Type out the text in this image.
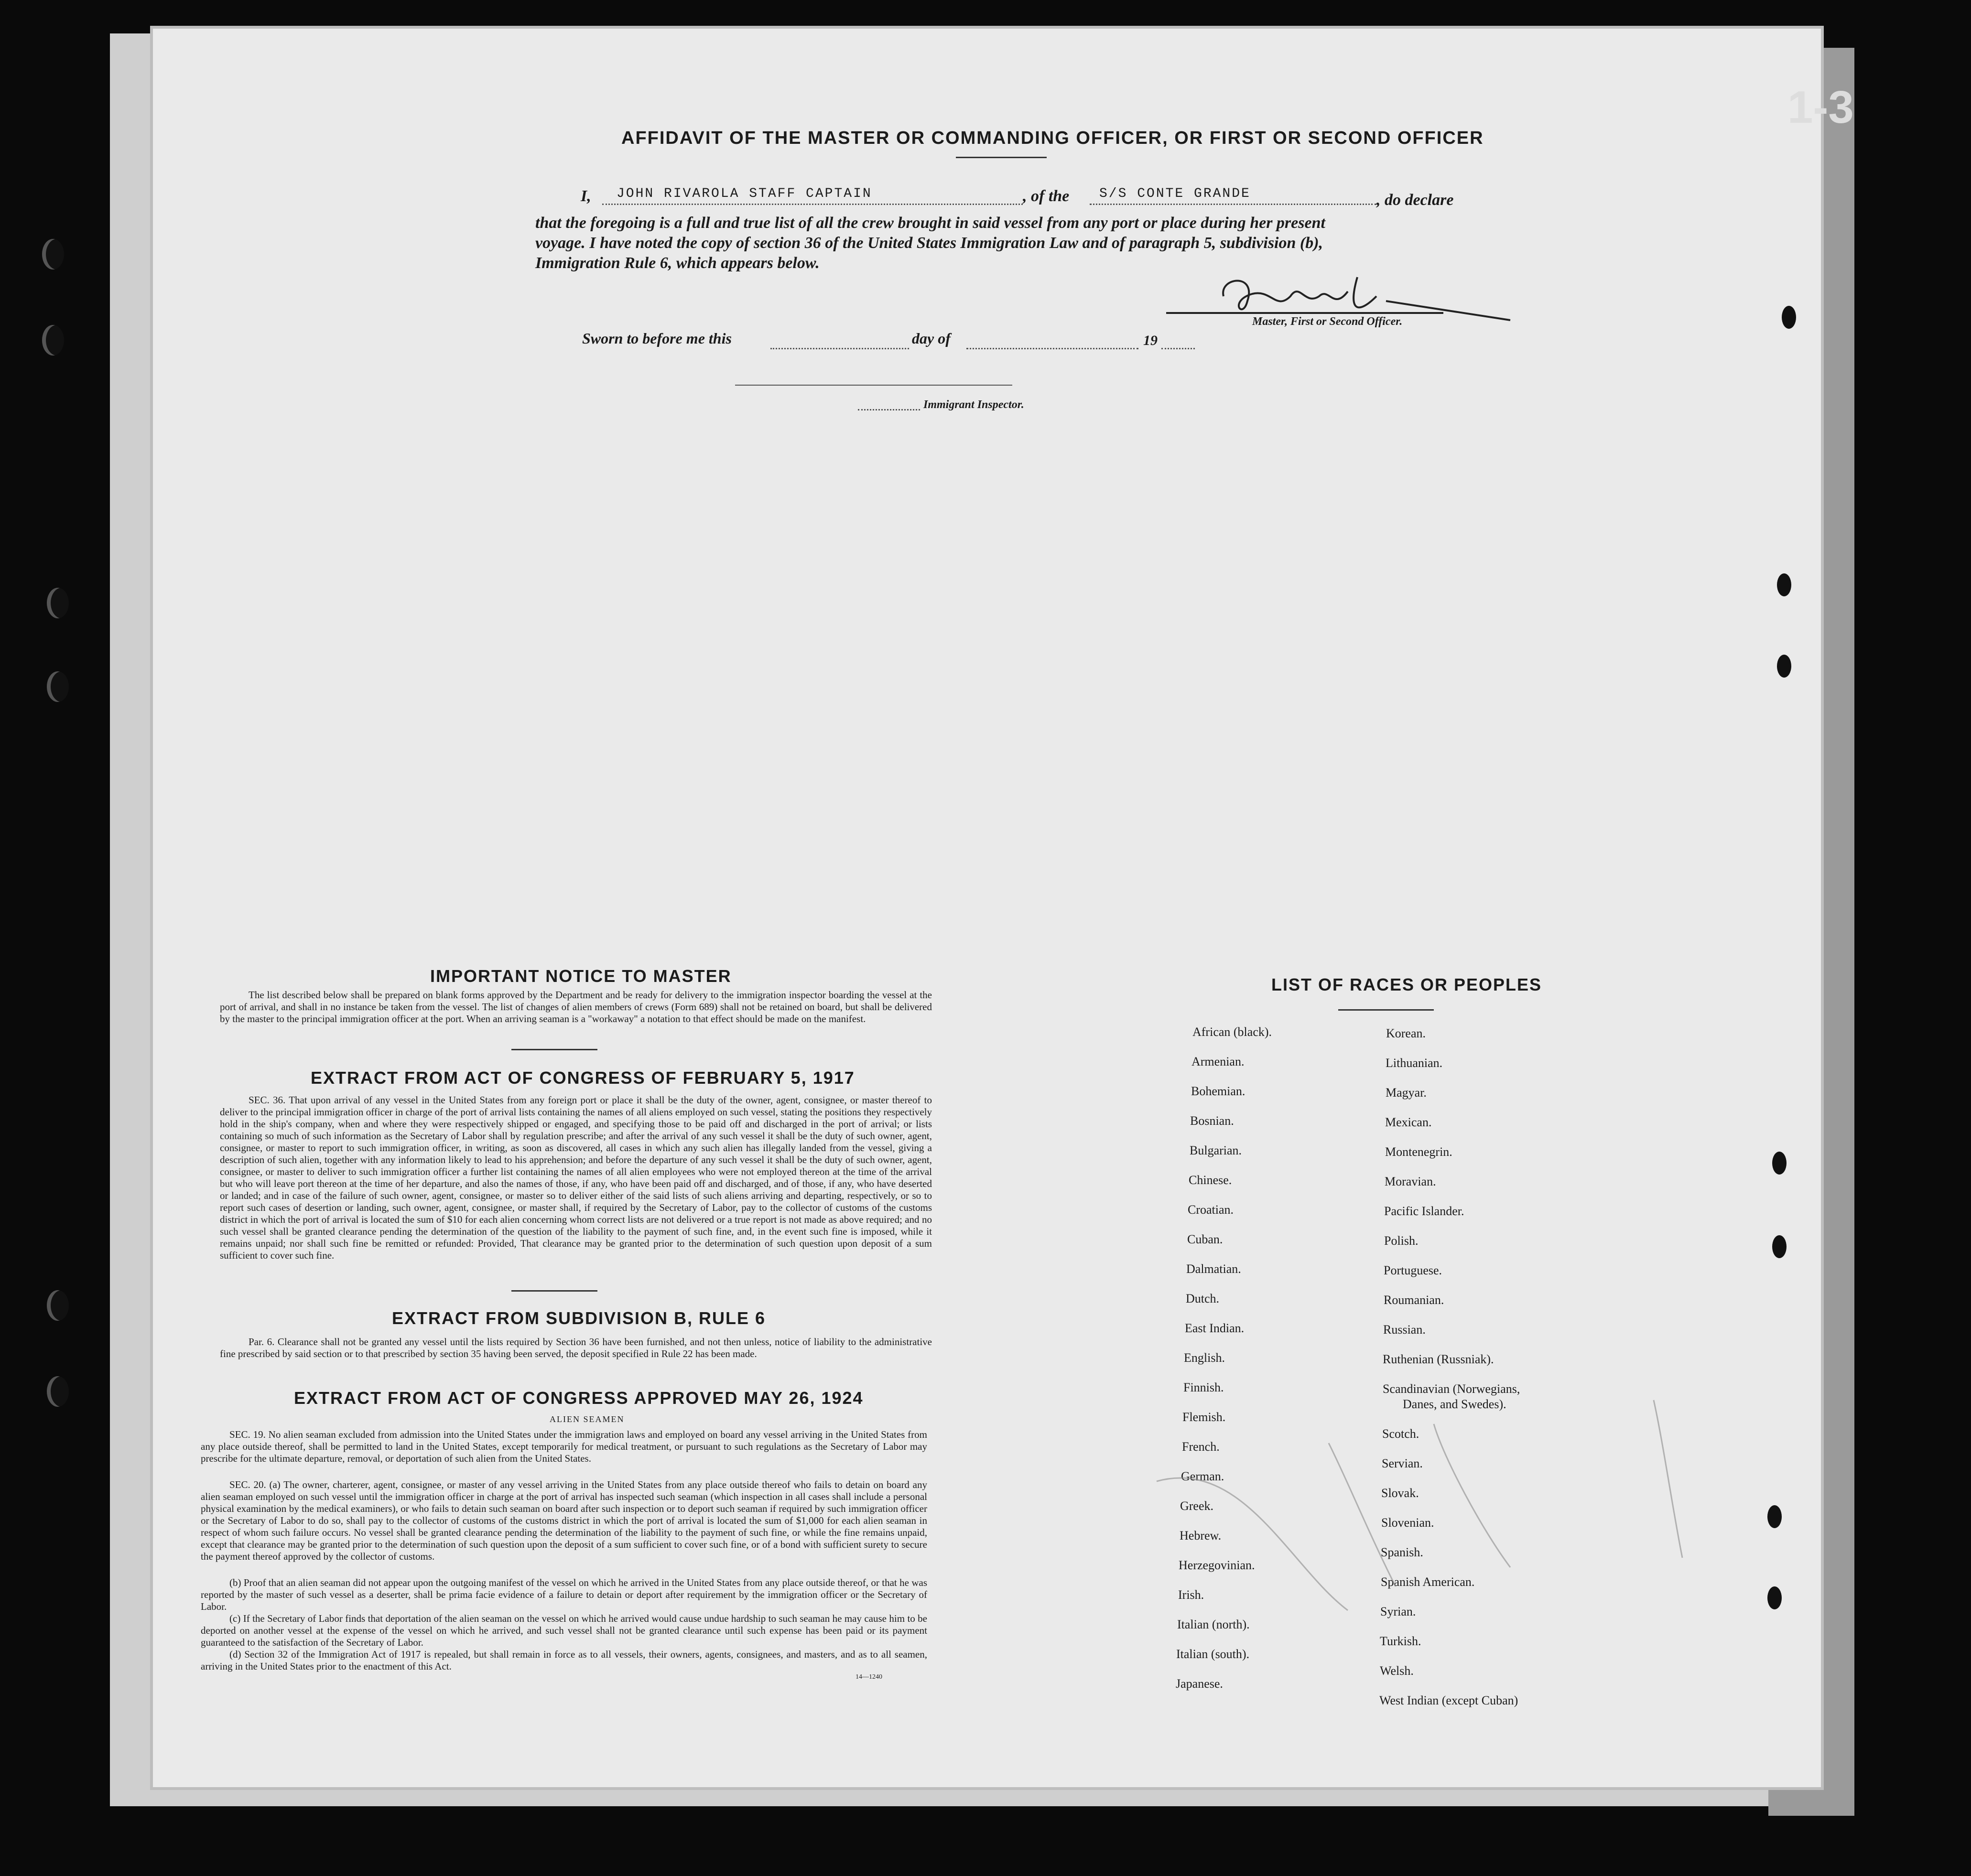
1-3
AFFIDAVIT OF THE MASTER OR COMMANDING OFFICER, OR FIRST OR SECOND OFFICER
I,	JOHN RIVAROLA STAFF CAPTAIN	, of the	S/S CONTE GRANDE	, do declare
that the foregoing is a full and true list of all the crew brought in said vessel from any port or place during her present
voyage. I have noted the copy of section 36 of the United States Immigration Law and of paragraph 5, subdivision (b),
Immigration Rule 6, which appears below.
Master, First or Second Officer.
Sworn to before me this	day of	19
Immigrant Inspector.
IMPORTANT NOTICE TO MASTER
The list described below shall be prepared on blank forms approved by the Department and be ready for delivery to the immigration inspector boarding the vessel at the port of arrival, and shall in no instance be taken from the vessel. The list of changes of alien members of crews (Form 689) shall not be retained on board, but shall be delivered by the master to the principal immigration officer at the port. When an arriving seaman is a "workaway" a notation to that effect should be made on the manifest.
EXTRACT FROM ACT OF CONGRESS OF FEBRUARY 5, 1917
SEC. 36. That upon arrival of any vessel in the United States from any foreign port or place it shall be the duty of the owner, agent, consignee, or master thereof to deliver to the principal immigration officer in charge of the port of arrival lists containing the names of all aliens employed on such vessel, stating the positions they respectively hold in the ship's company, when and where they were respectively shipped or engaged, and specifying those to be paid off and discharged in the port of arrival; or lists containing so much of such information as the Secretary of Labor shall by regulation prescribe; and after the arrival of any such vessel it shall be the duty of such owner, agent, consignee, or master to report to such immigration officer, in writing, as soon as discovered, all cases in which any such alien has illegally landed from the vessel, giving a description of such alien, together with any information likely to lead to his apprehension; and before the departure of any such vessel it shall be the duty of such owner, agent, consignee, or master to deliver to such immigration officer a further list containing the names of all alien employees who were not employed thereon at the time of the arrival but who will leave port thereon at the time of her departure, and also the names of those, if any, who have been paid off and discharged, and of those, if any, who have deserted or landed; and in case of the failure of such owner, agent, consignee, or master so to deliver either of the said lists of such aliens arriving and departing, respectively, or so to report such cases of desertion or landing, such owner, agent, consignee, or master shall, if required by the Secretary of Labor, pay to the collector of customs of the customs district in which the port of arrival is located the sum of $10 for each alien concerning whom correct lists are not delivered or a true report is not made as above required; and no such vessel shall be granted clearance pending the determination of the question of the liability to the payment of such fine, and, in the event such fine is imposed, while it remains unpaid; nor shall such fine be remitted or refunded: Provided, That clearance may be granted prior to the determination of such question upon deposit of a sum sufficient to cover such fine.
EXTRACT FROM SUBDIVISION B, RULE 6
Par. 6. Clearance shall not be granted any vessel until the lists required by Section 36 have been furnished, and not then unless, notice of liability to the administrative fine prescribed by said section or to that prescribed by section 35 having been served, the deposit specified in Rule 22 has been made.
EXTRACT FROM ACT OF CONGRESS APPROVED MAY 26, 1924
ALIEN SEAMEN
SEC. 19. No alien seaman excluded from admission into the United States under the immigration laws and employed on board any vessel arriving in the United States from any place outside thereof, shall be permitted to land in the United States, except temporarily for medical treatment, or pursuant to such regulations as the Secretary of Labor may prescribe for the ultimate departure, removal, or deportation of such alien from the United States.
SEC. 20. (a) The owner, charterer, agent, consignee, or master of any vessel arriving in the United States from any place outside thereof who fails to detain on board any alien seaman employed on such vessel until the immigration officer in charge at the port of arrival has inspected such seaman (which inspection in all cases shall include a personal physical examination by the medical examiners), or who fails to detain such seaman on board after such inspection or to deport such seaman if required by such immigration officer or the Secretary of Labor to do so, shall pay to the collector of customs of the customs district in which the port of arrival is located the sum of $1,000 for each alien seaman in respect of whom such failure occurs. No vessel shall be granted clearance pending the determination of the liability to the payment of such fine, or while the fine remains unpaid, except that clearance may be granted prior to the determination of such question upon the deposit of a sum sufficient to cover such fine, or of a bond with sufficient surety to secure the payment thereof approved by the collector of customs.
(b) Proof that an alien seaman did not appear upon the outgoing manifest of the vessel on which he arrived in the United States from any place outside thereof, or that he was reported by the master of such vessel as a deserter, shall be prima facie evidence of a failure to detain or deport after requirement by the immigration officer or the Secretary of Labor.
(c) If the Secretary of Labor finds that deportation of the alien seaman on the vessel on which he arrived would cause undue hardship to such seaman he may cause him to be deported on another vessel at the expense of the vessel on which he arrived, and such vessel shall not be granted clearance until such expense has been paid or its payment guaranteed to the satisfaction of the Secretary of Labor.
(d) Section 32 of the Immigration Act of 1917 is repealed, but shall remain in force as to all vessels, their owners, agents, consignees, and masters, and as to all seamen, arriving in the United States prior to the enactment of this Act.
14—1240
LIST OF RACES OR PEOPLES
African (black).
Armenian.
Bohemian.
Bosnian.
Bulgarian.
Chinese.
Croatian.
Cuban.
Dalmatian.
Dutch.
East Indian.
English.
Finnish.
Flemish.
French.
German.
Greek.
Hebrew.
Herzegovinian.
Irish.
Italian (north).
Italian (south).
Japanese.
Korean.
Lithuanian.
Magyar.
Mexican.
Montenegrin.
Moravian.
Pacific Islander.
Polish.
Portuguese.
Roumanian.
Russian.
Ruthenian (Russniak).
Scandinavian (Norwegians,
Danes, and Swedes).
Scotch.
Servian.
Slovak.
Slovenian.
Spanish.
Spanish American.
Syrian.
Turkish.
Welsh.
West Indian (except Cuban)
